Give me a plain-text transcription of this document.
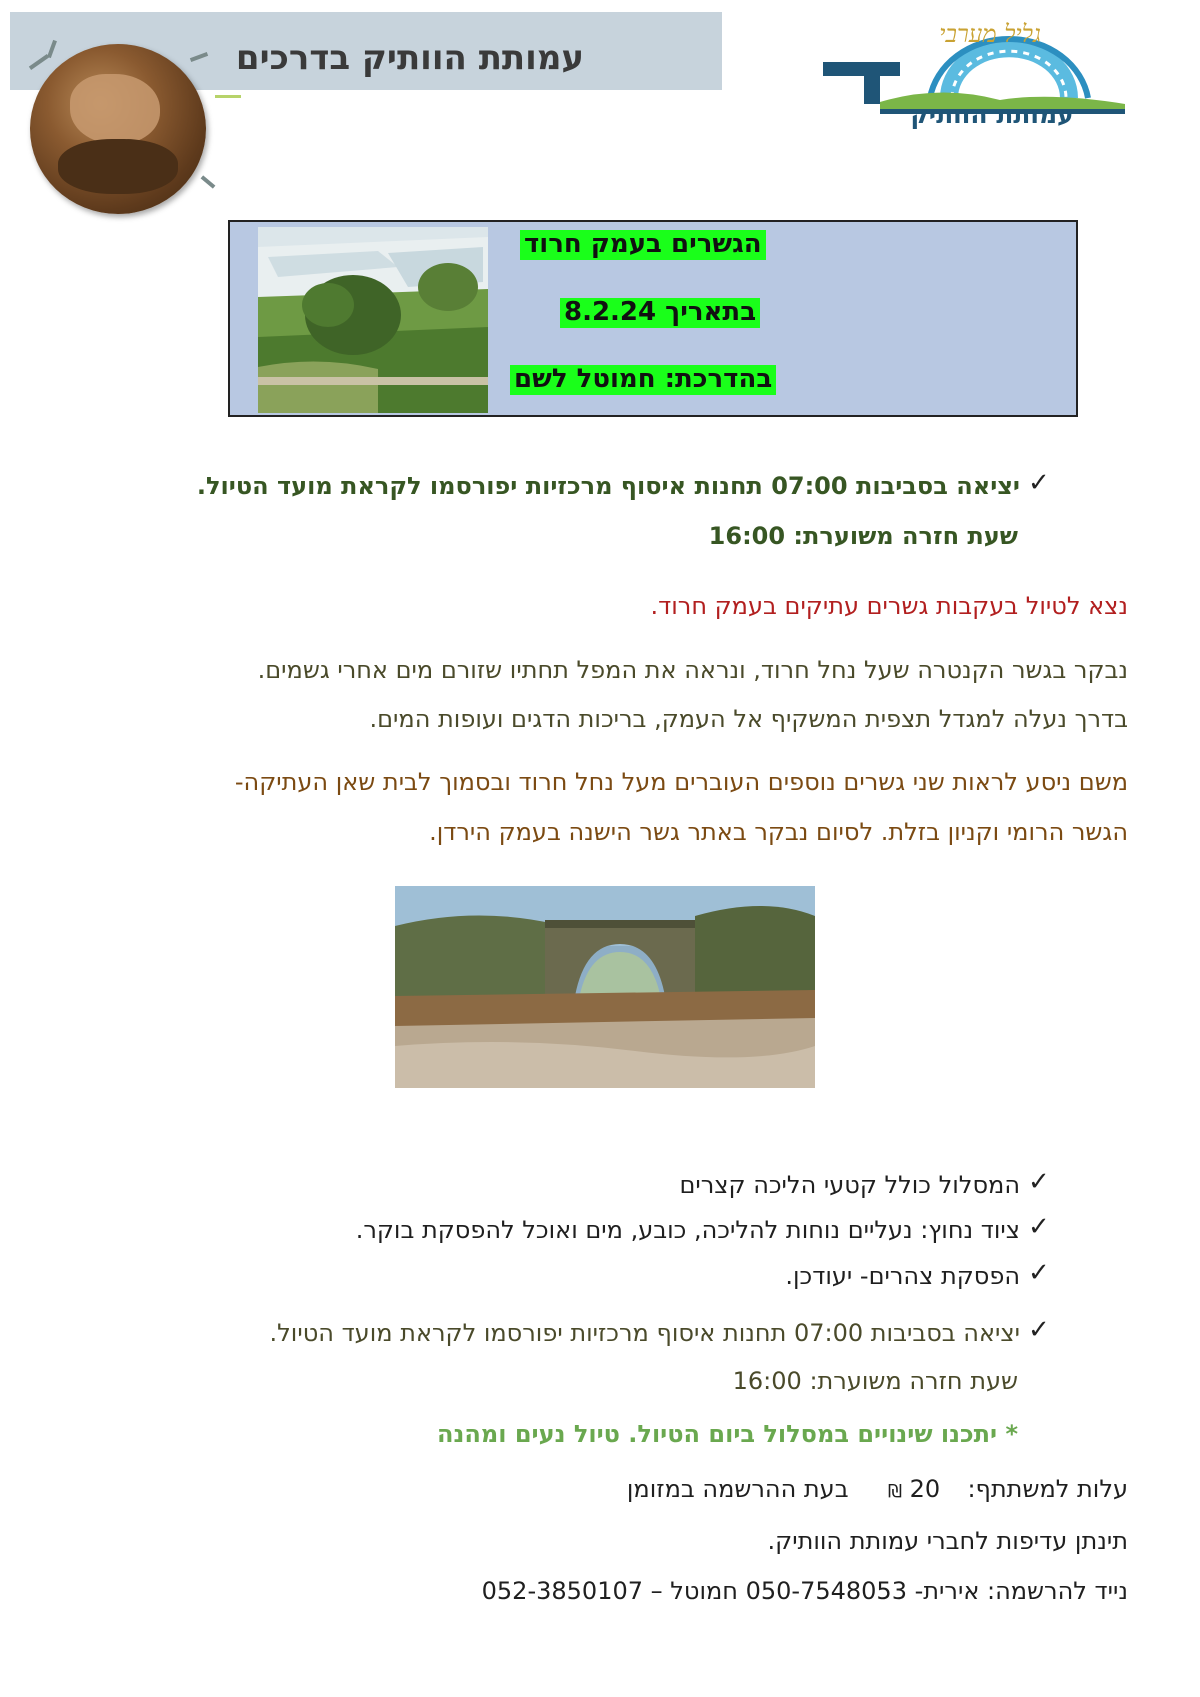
עמותת הוותיק בדרכים
גליל מערבי
עמותת הוותיק
הגשרים בעמק חרוד
בתאריך 8.2.24
בהדרכת: חמוטל לשם
✓
יציאה בסביבות 07:00 תחנות איסוף מרכזיות יפורסמו לקראת מועד הטיול.
שעת חזרה משוערת: 16:00
נצא לטיול בעקבות גשרים עתיקים בעמק חרוד.
נבקר בגשר הקנטרה שעל נחל חרוד, ונראה את המפל תחתיו שזורם מים אחרי גשמים.
בדרך נעלה למגדל תצפית המשקיף אל העמק, בריכות הדגים ועופות המים.
משם ניסע לראות שני גשרים נוספים העוברים מעל נחל חרוד ובסמוך לבית שאן העתיקה-
הגשר הרומי וקניון בזלת. לסיום נבקר באתר גשר הישנה בעמק הירדן.
✓
המסלול כולל קטעי הליכה קצרים
✓
ציוד נחוץ: נעליים נוחות להליכה, כובע, מים ואוכל להפסקת בוקר.
✓
הפסקת צהרים- יעודכן.
✓
יציאה בסביבות 07:00 תחנות איסוף מרכזיות יפורסמו לקראת מועד הטיול.
שעת חזרה משוערת: 16:00
* יתכנו שינויים במסלול ביום הטיול. טיול נעים ומהנה
עלות למשתתף:  20 ₪  בעת ההרשמה במזומן
תינתן עדיפות לחברי עמותת הוותיק.
נייד להרשמה: אירית- 050-7548053 חמוטל – 052-3850107
